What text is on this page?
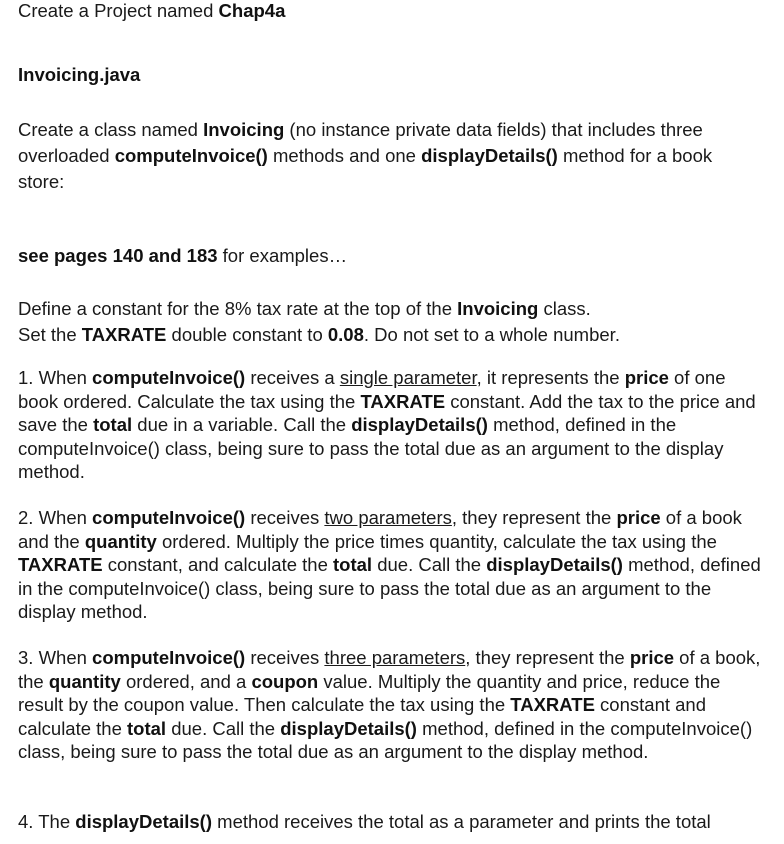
Create a Project named Chap4a

Invoicing.java

Create a class named Invoicing (no instance private data fields) that includes three overloaded computeInvoice() methods and one displayDetails() method for a book store:

see pages 140 and 183 for examples…

Define a constant for the 8% tax rate at the top of the Invoicing class.
Set the TAXRATE double constant to 0.08. Do not set to a whole number.

1. When computeInvoice() receives a single parameter, it represents the price of one book ordered. Calculate the tax using the TAXRATE constant. Add the tax to the price and save the total due in a variable. Call the displayDetails() method, defined in the computeInvoice() class, being sure to pass the total due as an argument to the display method.

2. When computeInvoice() receives two parameters, they represent the price of a book and the quantity ordered. Multiply the price times quantity, calculate the tax using the TAXRATE constant, and calculate the total due. Call the displayDetails() method, defined in the computeInvoice() class, being sure to pass the total due as an argument to the display method.

3. When computeInvoice() receives three parameters, they represent the price of a book, the quantity ordered, and a coupon value. Multiply the quantity and price, reduce the result by the coupon value. Then calculate the tax using the TAXRATE constant and calculate the total due. Call the displayDetails() method, defined in the computeInvoice() class, being sure to pass the total due as an argument to the display method.

4. The displayDetails() method receives the total as a parameter and prints the total
